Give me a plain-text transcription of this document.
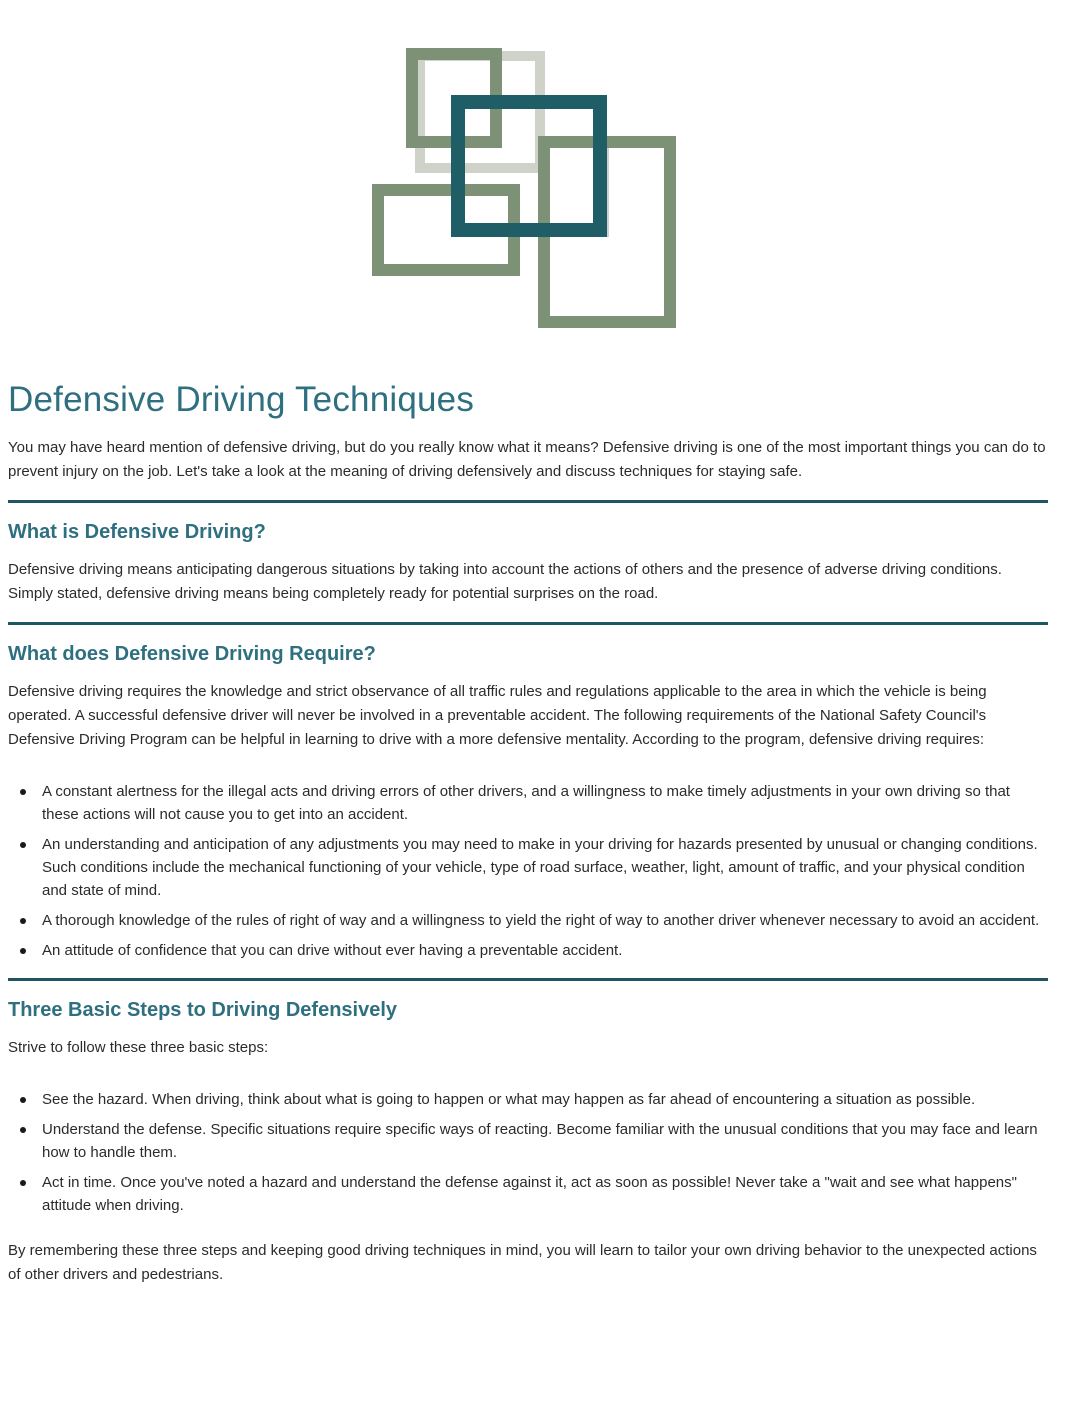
Defensive Driving Techniques

You may have heard mention of defensive driving, but do you really know what it means? Defensive driving is one of the most important things you can do to prevent injury on the job. Let's take a look at the meaning of driving defensively and discuss techniques for staying safe.

What is Defensive Driving?

Defensive driving means anticipating dangerous situations by taking into account the actions of others and the presence of adverse driving conditions. Simply stated, defensive driving means being completely ready for potential surprises on the road.

What does Defensive Driving Require?

Defensive driving requires the knowledge and strict observance of all traffic rules and regulations applicable to the area in which the vehicle is being operated. A successful defensive driver will never be involved in a preventable accident. The following requirements of the National Safety Council's Defensive Driving Program can be helpful in learning to drive with a more defensive mentality. According to the program, defensive driving requires:

A constant alertness for the illegal acts and driving errors of other drivers, and a willingness to make timely adjustments in your own driving so that these actions will not cause you to get into an accident.
An understanding and anticipation of any adjustments you may need to make in your driving for hazards presented by unusual or changing conditions. Such conditions include the mechanical functioning of your vehicle, type of road surface, weather, light, amount of traffic, and your physical condition and state of mind.
A thorough knowledge of the rules of right of way and a willingness to yield the right of way to another driver whenever necessary to avoid an accident.
An attitude of confidence that you can drive without ever having a preventable accident.
Three Basic Steps to Driving Defensively

Strive to follow these three basic steps:

See the hazard. When driving, think about what is going to happen or what may happen as far ahead of encountering a situation as possible.
Understand the defense. Specific situations require specific ways of reacting. Become familiar with the unusual conditions that you may face and learn how to handle them.
Act in time. Once you've noted a hazard and understand the defense against it, act as soon as possible! Never take a "wait and see what happens" attitude when driving.

By remembering these three steps and keeping good driving techniques in mind, you will learn to tailor your own driving behavior to the unexpected actions of other drivers and pedestrians.
